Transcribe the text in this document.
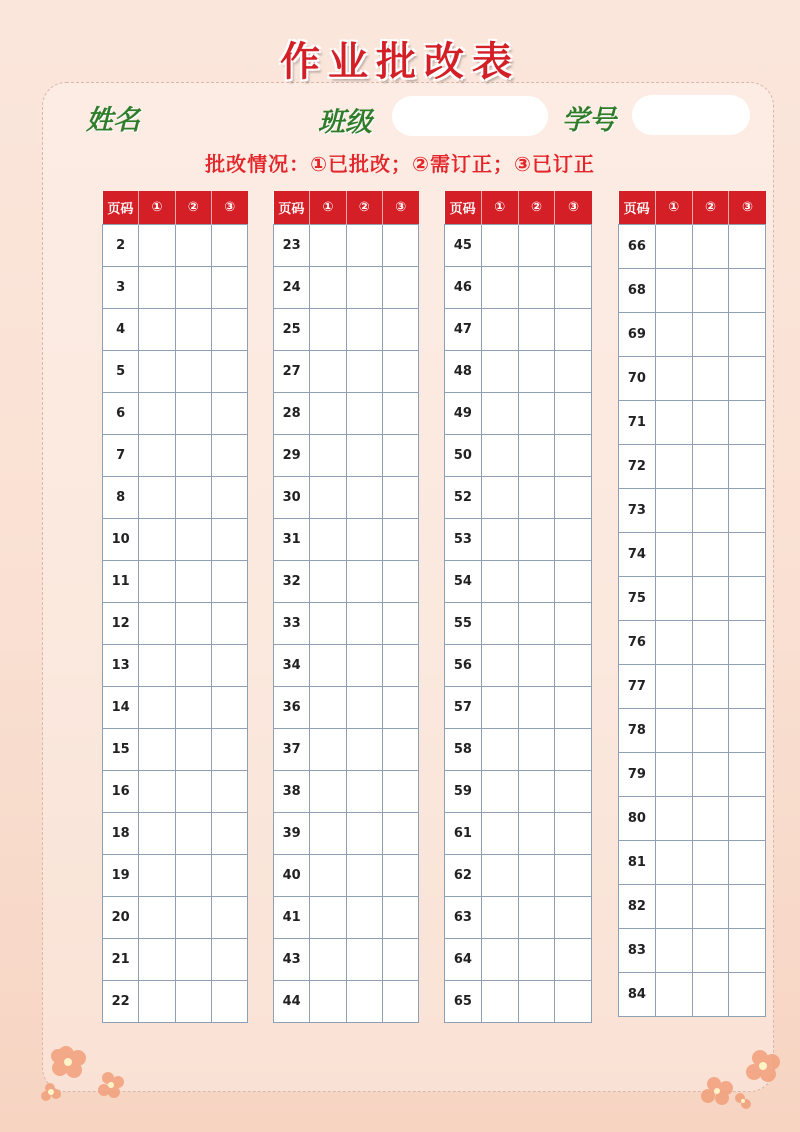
作业批改表
姓名	班级	学号
批改情况：①已批改；②需订正；③已订正
页码	①	②	③
2			
3			
4			
5			
6			
7			
8			
10			
11			
12			
13			
14			
15			
16			
18			
19			
20			
21			
22			
页码	①	②	③
23			
24			
25			
27			
28			
29			
30			
31			
32			
33			
34			
36			
37			
38			
39			
40			
41			
43			
44			
页码	①	②	③
45			
46			
47			
48			
49			
50			
52			
53			
54			
55			
56			
57			
58			
59			
61			
62			
63			
64			
65			
页码	①	②	③
66			
68			
69			
70			
71			
72			
73			
74			
75			
76			
77			
78			
79			
80			
81			
82			
83			
84			
